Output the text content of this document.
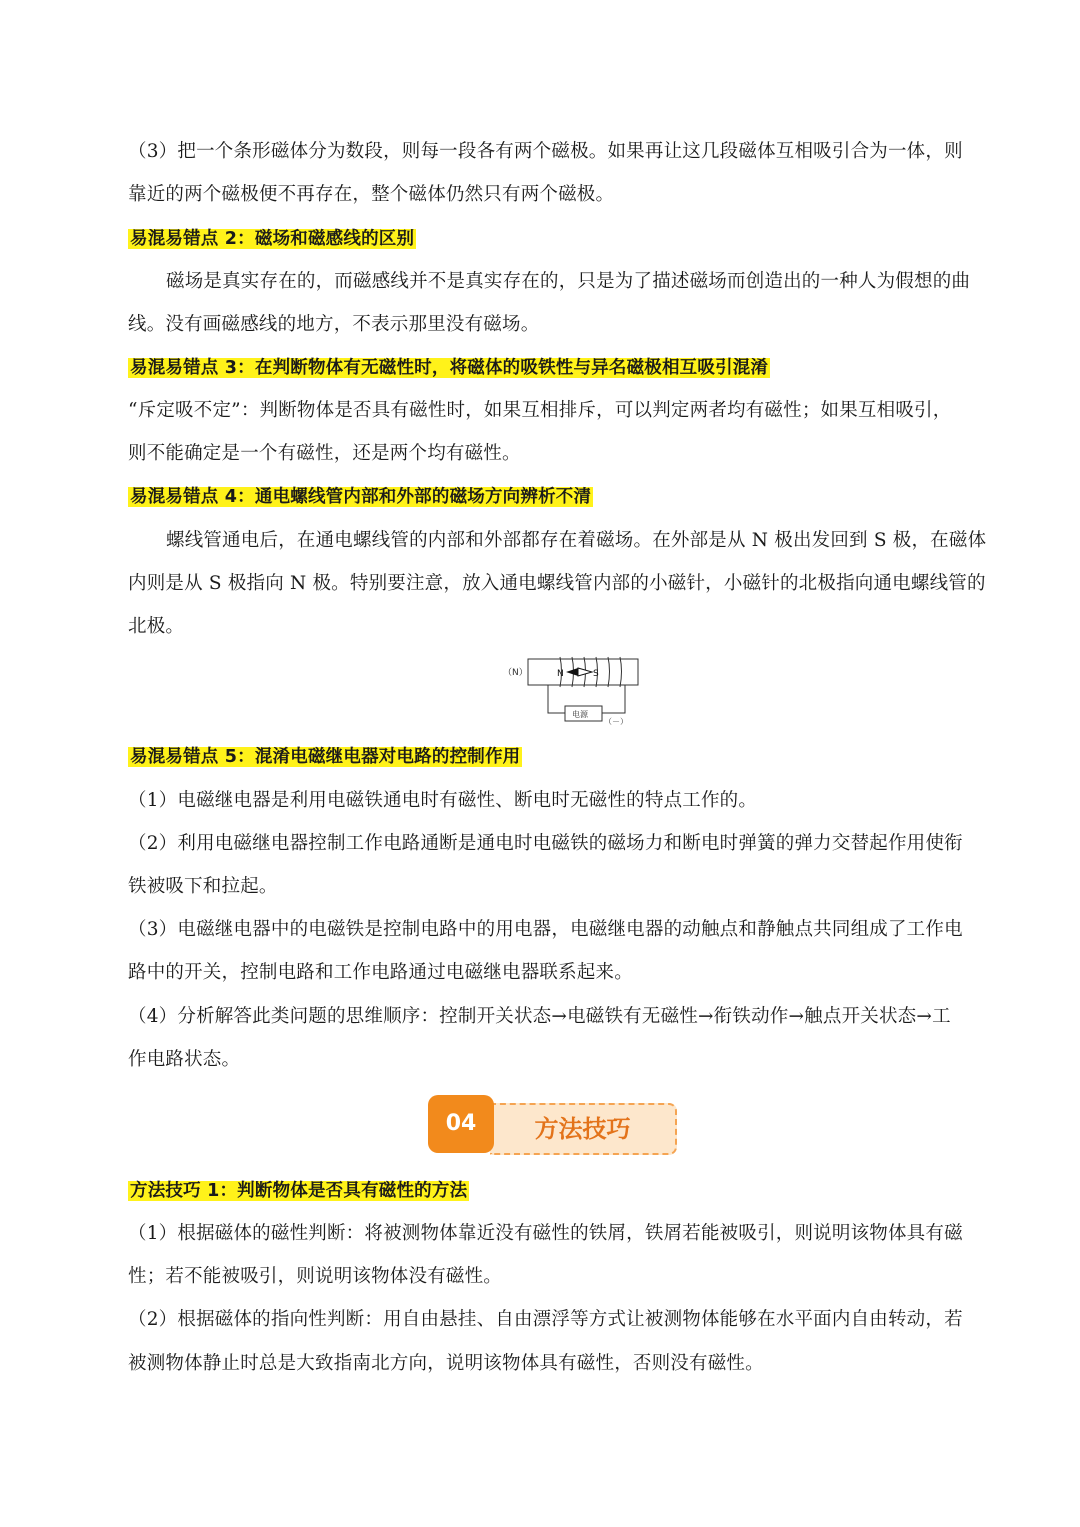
（3）把一个条形磁体分为数段，则每一段各有两个磁极。如果再让这几段磁体互相吸引合为一体，则
靠近的两个磁极便不再存在，整个磁体仍然只有两个磁极。
易混易错点 2：磁场和磁感线的区别
磁场是真实存在的，而磁感线并不是真实存在的，只是为了描述磁场而创造出的一种人为假想的曲
线。没有画磁感线的地方，不表示那里没有磁场。
易混易错点 3：在判断物体有无磁性时，将磁体的吸铁性与异名磁极相互吸引混淆
“斥定吸不定”：判断物体是否具有磁性时，如果互相排斥，可以判定两者均有磁性；如果互相吸引，
则不能确定是一个有磁性，还是两个均有磁性。
易混易错点 4：通电螺线管内部和外部的磁场方向辨析不清
螺线管通电后，在通电螺线管的内部和外部都存在着磁场。在外部是从 N 极出发回到 S 极，在磁体
内则是从 S 极指向 N 极。特别要注意，放入通电螺线管内部的小磁针，小磁针的北极指向通电螺线管的
北极。
（N）	N	S
电源
（－）
易混易错点 5：混淆电磁继电器对电路的控制作用
（1）电磁继电器是利用电磁铁通电时有磁性、断电时无磁性的特点工作的。
（2）利用电磁继电器控制工作电路通断是通电时电磁铁的磁场力和断电时弹簧的弹力交替起作用使衔
铁被吸下和拉起。
（3）电磁继电器中的电磁铁是控制电路中的用电器，电磁继电器的动触点和静触点共同组成了工作电
路中的开关，控制电路和工作电路通过电磁继电器联系起来。
（4）分析解答此类问题的思维顺序：控制开关状态→电磁铁有无磁性→衔铁动作→触点开关状态→工
作电路状态。
方法技巧
04
方法技巧 1：判断物体是否具有磁性的方法
（1）根据磁体的磁性判断：将被测物体靠近没有磁性的铁屑，铁屑若能被吸引，则说明该物体具有磁
性；若不能被吸引，则说明该物体没有磁性。
（2）根据磁体的指向性判断：用自由悬挂、自由漂浮等方式让被测物体能够在水平面内自由转动，若
被测物体静止时总是大致指南北方向，说明该物体具有磁性，否则没有磁性。
